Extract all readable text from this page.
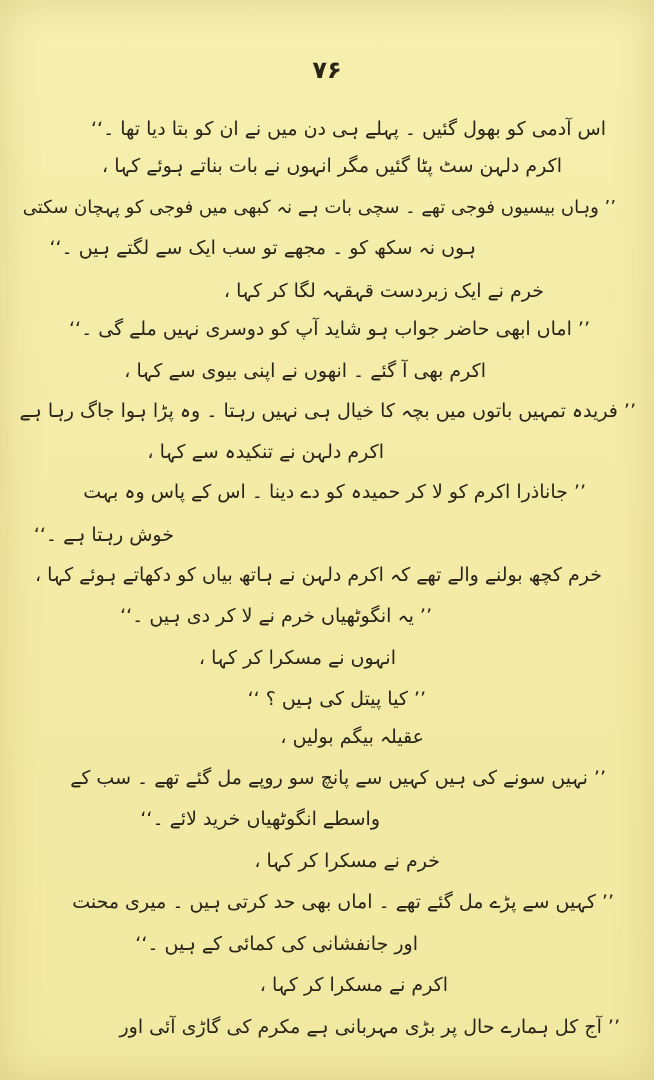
۷۶
اس آدمی کو بھول گئیں ۔ پہلے ہی دن میں نے ان کو بتا دیا تھا ۔‘‘
اکرم دلہن سٹ پٹا گئیں مگر انہوں نے بات بناتے ہوئے کہا ،
’’ وہاں بیسیوں فوجی تھے ۔ سچی بات ہے نہ کبھی میں فوجی کو پہچان سکتی
ہوں نہ سکھ کو ۔ مجھے تو سب ایک سے لگتے ہیں ۔‘‘
خرم نے ایک زبردست قہقہہ لگا کر کہا ،
’’ اماں ابھی حاضر جواب ہو شاید آپ کو دوسری نہیں ملے گی ۔‘‘
اکرم بھی آ گئے ۔ انھوں نے اپنی بیوی سے کہا ،
’’ فریدہ تمہیں باتوں میں بچہ کا خیال ہی نہیں رہتا ۔ وہ پڑا ہوا جاگ رہا ہے
اکرم دلہن نے تنکیدہ سے کہا ،
’’ جاناذرا اکرم کو لا کر حمیدہ کو دے دینا ۔ اس کے پاس وہ بہت
خوش رہتا ہے ۔‘‘
خرم کچھ بولنے والے تھے کہ اکرم دلہن نے ہاتھ بیاں کو دکھاتے ہوئے کہا ،
’’ یہ انگوٹھیاں خرم نے لا کر دی ہیں ۔‘‘
انہوں نے مسکرا کر کہا ،
’’ کیا پیتل کی ہیں ؟ ‘‘
عقیلہ بیگم بولیں ،
’’ نہیں سونے کی ہیں کہیں سے پانچ سو روپے مل گئے تھے ۔ سب کے
واسطے انگوٹھیاں خرید لائے ۔‘‘
خرم نے مسکرا کر کہا ،
’’ کہیں سے پڑے مل گئے تھے ۔ اماں بھی حد کرتی ہیں ۔ میری محنت
اور جانفشانی کی کمائی کے ہیں ۔‘‘
اکرم نے مسکرا کر کہا ،
’’ آج کل ہمارے حال پر بڑی مہربانی ہے مکرم کی گاڑی آئی اور
